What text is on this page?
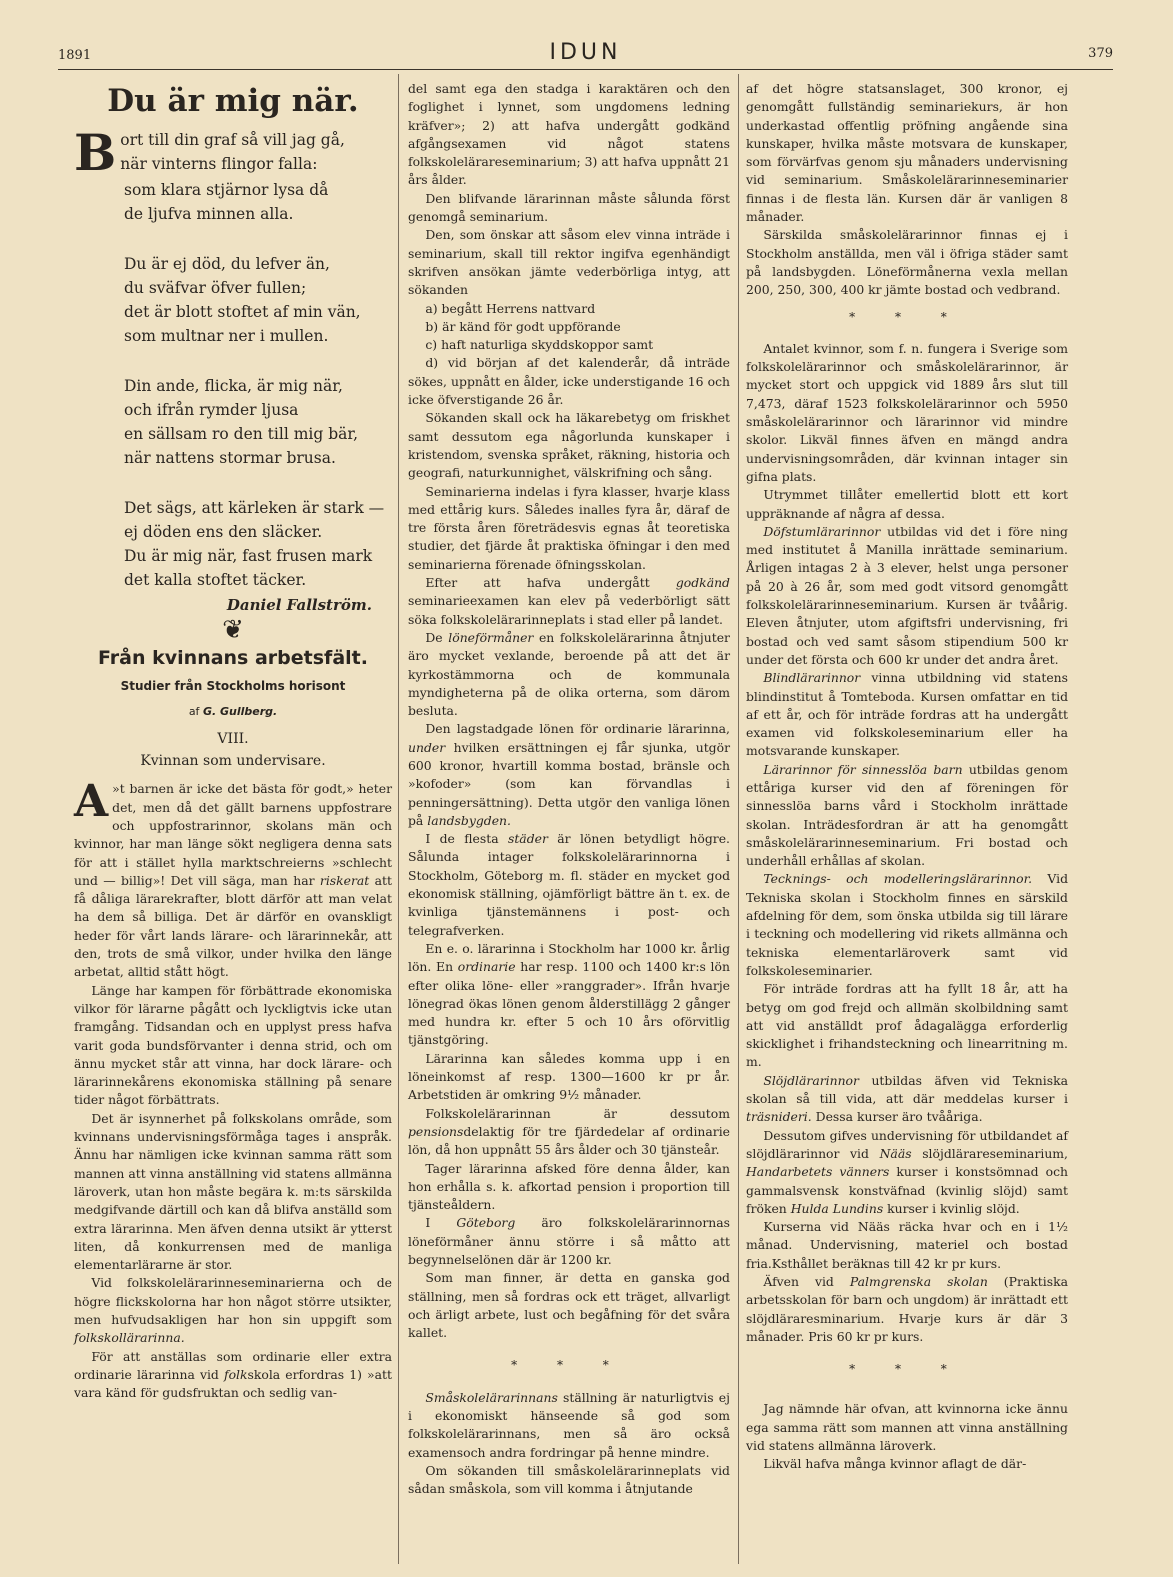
1891	IDUN	379
Du är mig när.
B ort till din graf så vill jag gå,
när vinterns flingor falla:
som klara stjärnor lysa då
de ljufva minnen alla.
Du är ej död, du lefver än,
du sväfvar öfver fullen;
det är blott stoftet af min vän,
som multnar ner i mullen.
Din ande, flicka, är mig när,
och ifrån rymder ljusa
en sällsam ro den till mig bär,
när nattens stormar brusa.
Det sägs, att kärleken är stark —
ej döden ens den släcker.
Du är mig när, fast frusen mark
det kalla stoftet täcker.
Daniel Fallström.
❦
Från kvinnans arbetsfält.
Studier från Stockholms horisont
af G. Gullberg.
VIII.
Kvinnan som undervisare.

A »t barnen är icke det bästa för godt,» heter det, men då det gällt barnens uppfostrare och uppfostrarinnor, skolans män och kvinnor, har man länge sökt negligera denna sats för att i stället hylla marktschreierns »schlecht und — billig»! Det vill säga, man har riskerat att få dåliga lärarekrafter, blott därför att man velat ha dem så billiga. Det är därför en ovanskligt heder för vårt lands lärare- och lärarinnekår, att den, trots de små vilkor, under hvilka den länge arbetat, alltid stått högt.

Länge har kampen för förbättrade ekonomiska vilkor för lärarne pågått och lyckligtvis icke utan framgång. Tidsandan och en upplyst press hafva varit goda bundsförvanter i denna strid, och om ännu mycket står att vinna, har dock lärare- och lärarinnekårens ekonomiska ställning på senare tider något förbättrats.

Det är isynnerhet på folkskolans område, som kvinnans undervisningsförmåga tages i anspråk. Ännu har nämligen icke kvinnan samma rätt som mannen att vinna anställning vid statens allmänna läroverk, utan hon måste begära k. m:ts särskilda medgifvande därtill och kan då blifva anställd som extra lärarinna. Men äfven denna utsikt är ytterst liten, då konkurrensen med de manliga elementarlärarne är stor.

Vid folkskolelärarinneseminarierna och de högre flickskolorna har hon något större utsikter, men hufvudsakligen har hon sin uppgift som folkskollärarinna.

För att anställas som ordinarie eller extra ordinarie lärarinna vid folkskola erfordras 1) »att vara känd för gudsfruktan och sedlig van-

del samt ega den stadga i karaktären och den foglighet i lynnet, som ungdomens ledning kräfver»; 2) att hafva undergått godkänd afgångsexamen vid något statens folkskolelärareseminarium; 3) att hafva uppnått 21 års ålder.

Den blifvande lärarinnan måste sålunda först genomgå seminarium.

Den, som önskar att såsom elev vinna inträde i seminarium, skall till rektor ingifva egenhändigt skrifven ansökan jämte vederbörliga intyg, att sökanden

a) begått Herrens nattvard

b) är känd för godt uppförande

c) haft naturliga skyddskoppor samt

d) vid början af det kalenderår, då inträde sökes, uppnått en ålder, icke understigande 16 och icke öfverstigande 26 år.

Sökanden skall ock ha läkarebetyg om friskhet samt dessutom ega någorlunda kunskaper i kristendom, svenska språket, räkning, historia och geografi, naturkunnighet, välskrifning och sång.

Seminarierna indelas i fyra klasser, hvarje klass med ettårig kurs. Således inalles fyra år, däraf de tre första åren företrädesvis egnas åt teoretiska studier, det fjärde åt praktiska öfningar i den med seminarierna förenade öfningsskolan.

Efter att hafva undergått godkänd seminarieexamen kan elev på vederbörligt sätt söka folkskolelärarinneplats i stad eller på landet.

De löneförmåner en folkskolelärarinna åtnjuter äro mycket vexlande, beroende på att det är kyrkostämmorna och de kommunala myndigheterna på de olika orterna, som därom besluta.

Den lagstadgade lönen för ordinarie lärarinna, under hvilken ersättningen ej får sjunka, utgör 600 kronor, hvartill komma bostad, bränsle och »kofoder» (som kan förvandlas i penningersättning). Detta utgör den vanliga lönen på landsbygden.

I de flesta städer är lönen betydligt högre. Sålunda intager folkskolelärarinnorna i Stockholm, Göteborg m. fl. städer en mycket god ekonomisk ställning, ojämförligt bättre än t. ex. de kvinliga tjänstemännens i post- och telegrafverken.

En e. o. lärarinna i Stockholm har 1000 kr. årlig lön. En ordinarie har resp. 1100 och 1400 kr:s lön efter olika löne- eller »ranggrader». Ifrån hvarje lönegrad ökas lönen genom ålderstillägg 2 gånger med hundra kr. efter 5 och 10 års oförvitlig tjänstgöring.

Lärarinna kan således komma upp i en löneinkomst af resp. 1300—1600 kr pr år. Arbetstiden är omkring 9½ månader.

Folkskolelärarinnan är dessutom pensionsdelaktig för tre fjärdedelar af ordinarie lön, då hon uppnått 55 års ålder och 30 tjänsteår.

Tager lärarinna afsked före denna ålder, kan hon erhålla s. k. afkortad pension i proportion till tjänsteåldern.

I Göteborg äro folkskolelärarinnornas löneförmåner ännu större i så måtto att begynnelselönen där är 1200 kr.

Som man finner, är detta en ganska god ställning, men så fordras ock ett träget, allvarligt och ärligt arbete, lust och begåfning för det svåra kallet.

* * *

Småskolelärarinnans ställning är naturligtvis ej i ekonomiskt hänseende så god som folkskolelärarinnans, men så äro också examensoch andra fordringar på henne mindre.

Om sökanden till småskolelärarinneplats vid sådan småskola, som vill komma i åtnjutande

af det högre statsanslaget, 300 kronor, ej genomgått fullständig seminariekurs, är hon underkastad offentlig pröfning angående sina kunskaper, hvilka måste motsvara de kunskaper, som förvärfvas genom sju månaders undervisning vid seminarium. Småskolelärarinneseminarier finnas i de flesta län. Kursen där är vanligen 8 månader.

Särskilda småskolelärarinnor finnas ej i Stockholm anställda, men väl i öfriga städer samt på landsbygden. Löneförmånerna vexla mellan 200, 250, 300, 400 kr jämte bostad och vedbrand.

* * *

Antalet kvinnor, som f. n. fungera i Sverige som folkskolelärarinnor och småskolelärarinnor, är mycket stort och uppgick vid 1889 års slut till 7,473, däraf 1523 folkskolelärarinnor och 5950 småskolelärarinnor och lärarinnor vid mindre skolor. Likväl finnes äfven en mängd andra undervisningsområden, där kvinnan intager sin gifna plats.

Utrymmet tillåter emellertid blott ett kort uppräknande af några af dessa.

Döfstumlärarinnor utbildas vid det i före ning med institutet å Manilla inrättade seminarium. Årligen intagas 2 à 3 elever, helst unga personer på 20 à 26 år, som med godt vitsord genomgått folkskolelärarinneseminarium. Kursen är tvåårig. Eleven åtnjuter, utom afgiftsfri undervisning, fri bostad och ved samt såsom stipendium 500 kr under det första och 600 kr under det andra året.

Blindlärarinnor vinna utbildning vid statens blindinstitut å Tomteboda. Kursen omfattar en tid af ett år, och för inträde fordras att ha undergått examen vid folkskoleseminarium eller ha motsvarande kunskaper.

Lärarinnor för sinnesslöa barn utbildas genom ettåriga kurser vid den af föreningen för sinnesslöa barns vård i Stockholm inrättade skolan. Inträdesfordran är att ha genomgått småskolelärarinneseminarium. Fri bostad och underhåll erhållas af skolan.

Tecknings- och modelleringslärarinnor. Vid Tekniska skolan i Stockholm finnes en särskild afdelning för dem, som önska utbilda sig till lärare i teckning och modellering vid rikets allmänna och tekniska elementarläroverk samt vid folkskoleseminarier.

För inträde fordras att ha fyllt 18 år, att ha betyg om god frejd och allmän skolbildning samt att vid anställdt prof ådagalägga erforderlig skicklighet i frihandsteckning och linearritning m. m.

Slöjdlärarinnor utbildas äfven vid Tekniska skolan så till vida, att där meddelas kurser i träsnideri. Dessa kurser äro tvååriga.

Dessutom gifves undervisning för utbildandet af slöjdlärarinnor vid Nääs slöjdlärareseminarium, Handarbetets vänners kurser i konstsömnad och gammalsvensk konstväfnad (kvinlig slöjd) samt fröken Hulda Lundins kurser i kvinlig slöjd.

Kurserna vid Nääs räcka hvar och en i 1½ månad. Undervisning, materiel och bostad fria.Ksthållet beräknas till 42 kr pr kurs.

Äfven vid Palmgrenska skolan (Praktiska arbetsskolan för barn och ungdom) är inrättadt ett slöjdläraresminarium. Hvarje kurs är där 3 månader. Pris 60 kr pr kurs.

* * *

Jag nämnde här ofvan, att kvinnorna icke ännu ega samma rätt som mannen att vinna anställning vid statens allmänna läroverk.

Likväl hafva många kvinnor aflagt de där-
